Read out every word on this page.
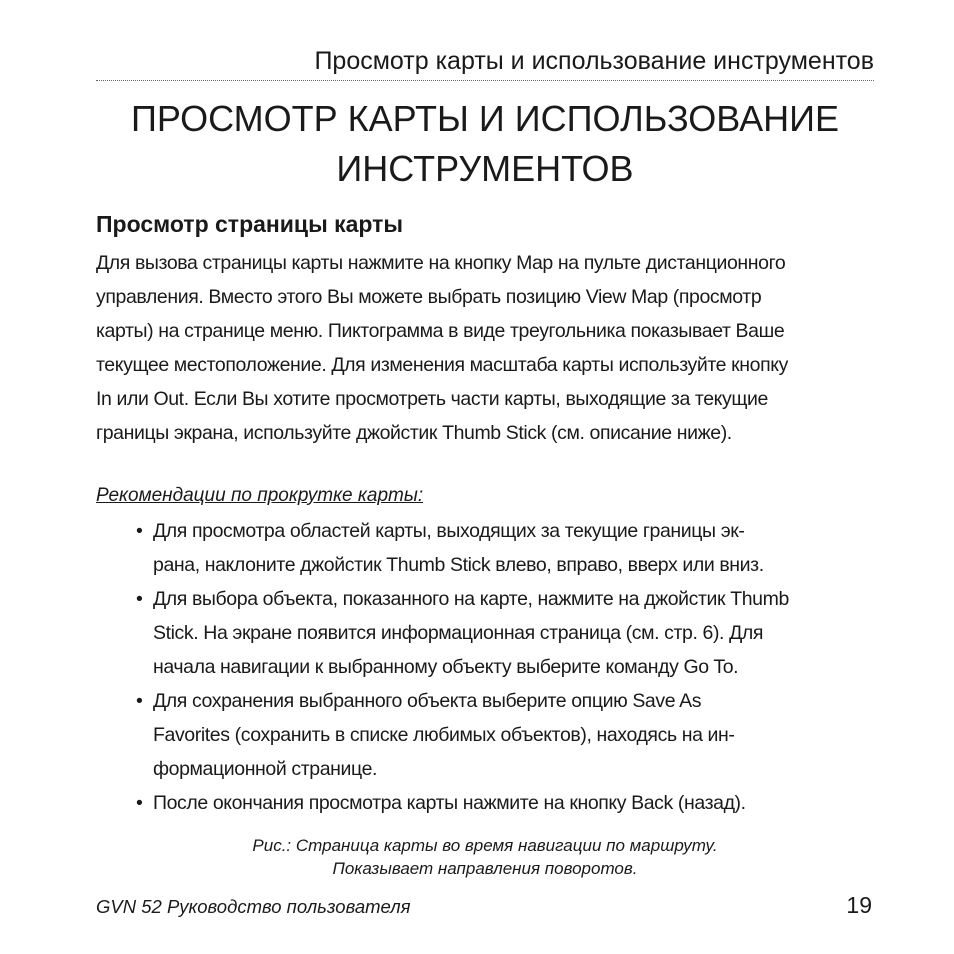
Просмотр карты и использование инструментов
ПРОСМОТР КАРТЫ И ИСПОЛЬЗОВАНИЕ
ИНСТРУМЕНТОВ
Просмотр страницы карты
Для вызова страницы карты нажмите на кнопку Map на пульте дистанционного
управления. Вместо этого Вы можете выбрать позицию View Map (просмотр
карты) на странице меню. Пиктограмма в виде треугольника показывает Ваше
текущее местоположение. Для изменения масштаба карты используйте кнопку
In или Out. Если Вы хотите просмотреть части карты, выходящие за текущие
границы экрана, используйте джойстик Thumb Stick (см. описание ниже).
Рекомендации по прокрутке карты:
• Для просмотра областей карты, выходящих за текущие границы эк-
рана, наклоните джойстик Thumb Stick влево, вправо, вверх или вниз.
• Для выбора объекта, показанного на карте, нажмите на джойстик Thumb
Stick. На экране появится информационная страница (см. стр. 6). Для
начала навигации к выбранному объекту выберите команду Go To.
• Для сохранения выбранного объекта выберите опцию Save As
Favorites (сохранить в списке любимых объектов), находясь на ин-
формационной странице.
• После окончания просмотра карты нажмите на кнопку Back (назад).
Рис.: Страница карты во время навигации по маршруту.
Показывает направления поворотов.
GVN 52 Руководство пользователя	19
